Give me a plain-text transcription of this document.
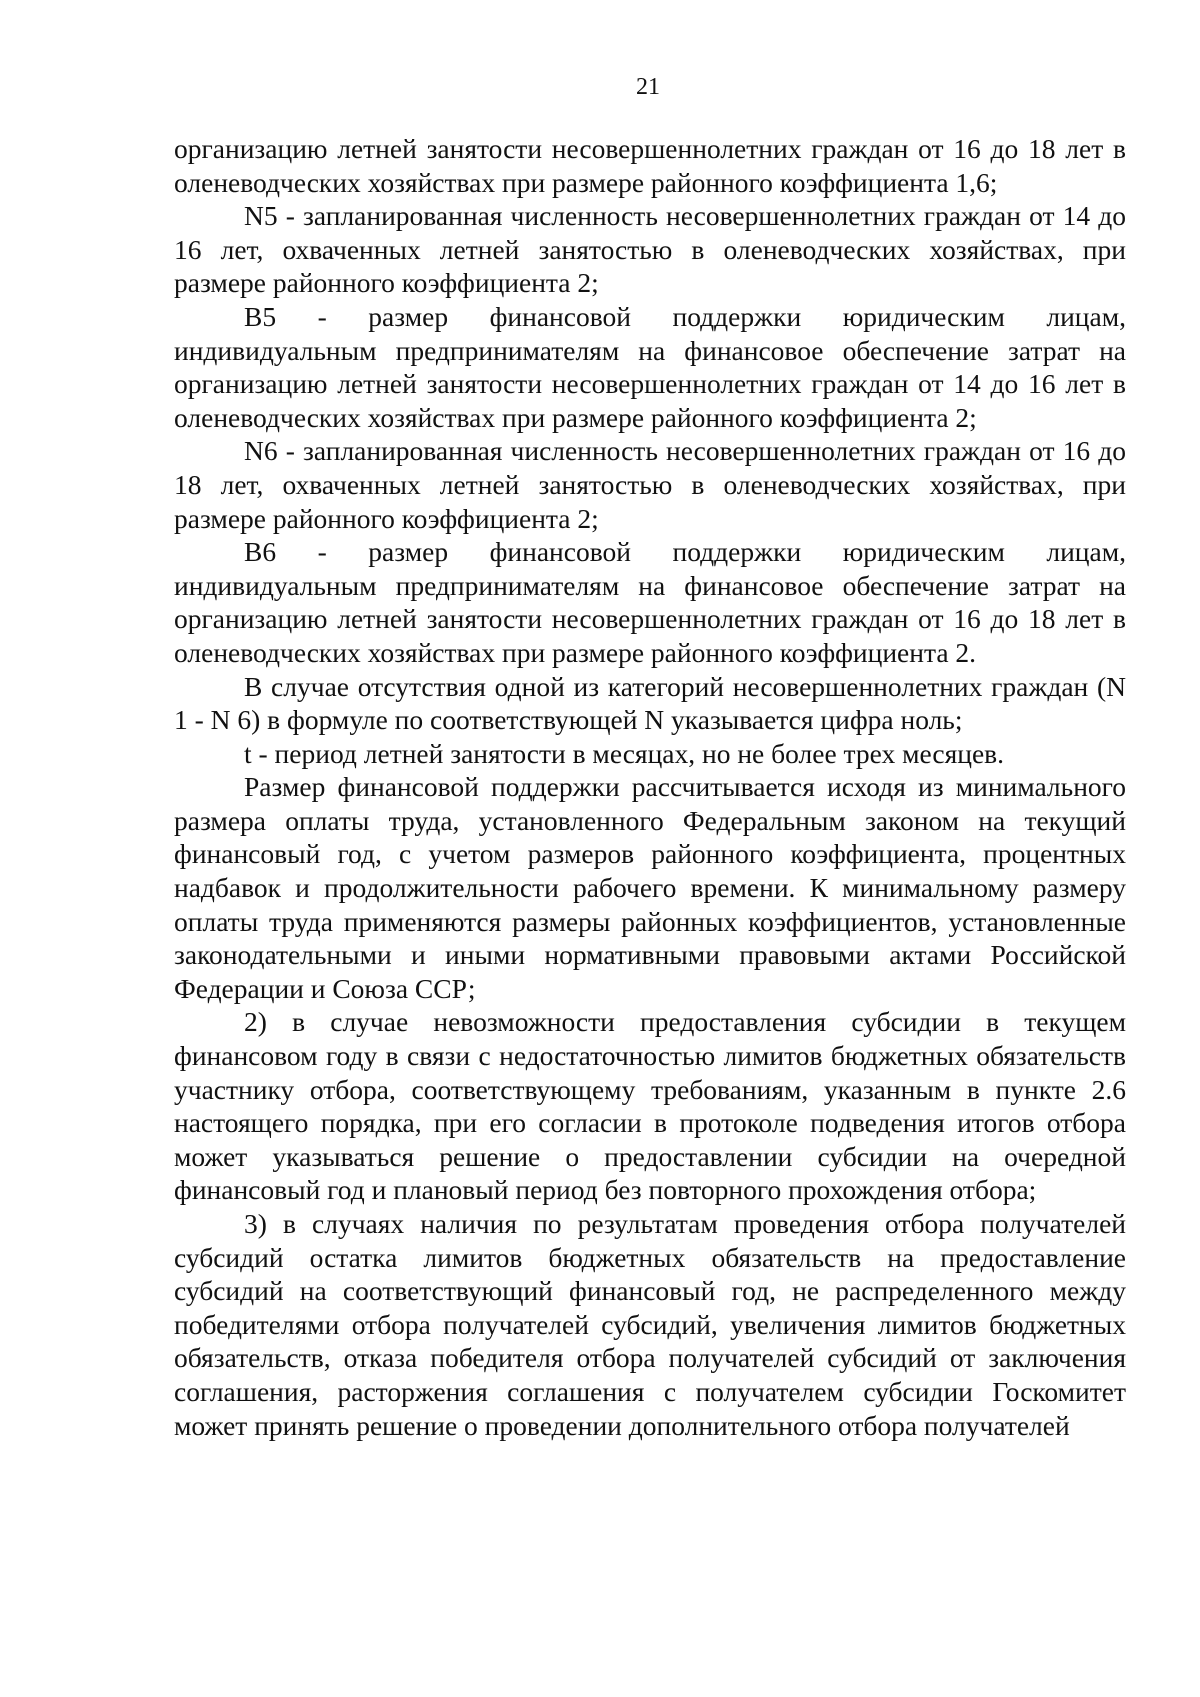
21

организацию летней занятости несовершеннолетних граждан от 16 до 18 лет в оленеводческих хозяйствах при размере районного коэффициента 1,6;

N5 - запланированная численность несовершеннолетних граждан от 14 до 16 лет, охваченных летней занятостью в оленеводческих хозяйствах, при размере районного коэффициента 2;

B5 - размер финансовой поддержки юридическим лицам, индивидуальным предпринимателям на финансовое обеспечение затрат на организацию летней занятости несовершеннолетних граждан от 14 до 16 лет в оленеводческих хозяйствах при размере районного коэффициента 2;

N6 - запланированная численность несовершеннолетних граждан от 16 до 18 лет, охваченных летней занятостью в оленеводческих хозяйствах, при размере районного коэффициента 2;

B6 - размер финансовой поддержки юридическим лицам, индивидуальным предпринимателям на финансовое обеспечение затрат на организацию летней занятости несовершеннолетних граждан от 16 до 18 лет в оленеводческих хозяйствах при размере районного коэффициента 2.

В случае отсутствия одной из категорий несовершеннолетних граждан (N 1 - N 6) в формуле по соответствующей N указывается цифра ноль;

t - период летней занятости в месяцах, но не более трех месяцев.

Размер финансовой поддержки рассчитывается исходя из минимального размера оплаты труда, установленного Федеральным законом на текущий финансовый год, с учетом размеров районного коэффициента, процентных надбавок и продолжительности рабочего времени. К минимальному размеру оплаты труда применяются размеры районных коэффициентов, установленные законодательными и иными нормативными правовыми актами Российской Федерации и Союза ССР;

2) в случае невозможности предоставления субсидии в текущем финансовом году в связи с недостаточностью лимитов бюджетных обязательств участнику отбора, соответствующему требованиям, указанным в пункте 2.6 настоящего порядка, при его согласии в протоколе подведения итогов отбора может указываться решение о предоставлении субсидии на очередной финансовый год и плановый период без повторного прохождения отбора;

3) в случаях наличия по результатам проведения отбора получателей субсидий остатка лимитов бюджетных обязательств на предоставление субсидий на соответствующий финансовый год, не распределенного между победителями отбора получателей субсидий, увеличения лимитов бюджетных обязательств, отказа победителя отбора получателей субсидий от заключения соглашения, расторжения соглашения с получателем субсидии Госкомитет может принять решение о проведении дополнительного отбора получателей
